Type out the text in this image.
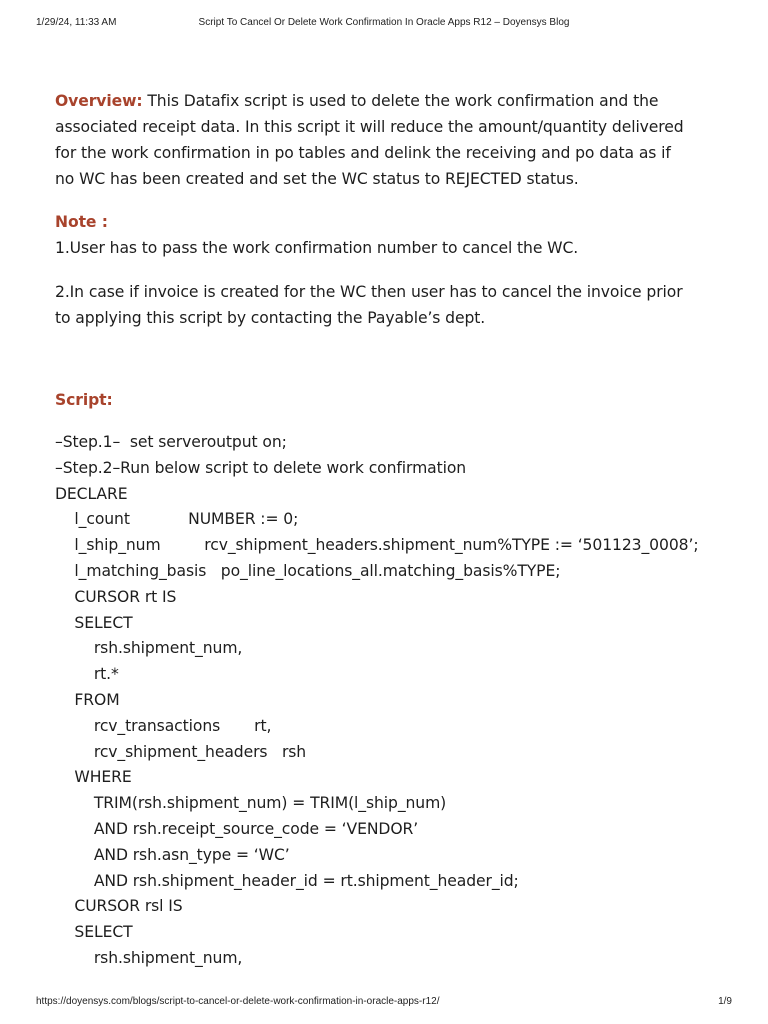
1/29/24, 11:33 AM	Script To Cancel Or Delete Work Confirmation In Oracle Apps R12 – Doyensys Blog

Overview: This Datafix script is used to delete the work confirmation and the
associated receipt data. In this script it will reduce the amount/quantity delivered
for the work confirmation in po tables and delink the receiving and po data as if
no WC has been created and set the WC status to REJECTED status.

Note :

1.User has to pass the work confirmation number to cancel the WC.

2.In case if invoice is created for the WC then user has to cancel the invoice prior
to applying this script by contacting the Payable’s dept.

Script:

–Step.1–  set serveroutput on;
–Step.2–Run below script to delete work confirmation
DECLARE
l_count            NUMBER := 0;
l_ship_num         rcv_shipment_headers.shipment_num%TYPE := ‘501123_0008’;
l_matching_basis   po_line_locations_all.matching_basis%TYPE;
CURSOR rt IS
SELECT
rsh.shipment_num,
rt.*
FROM
rcv_transactions       rt,
rcv_shipment_headers   rsh
WHERE
TRIM(rsh.shipment_num) = TRIM(l_ship_num)
AND rsh.receipt_source_code = ‘VENDOR’
AND rsh.asn_type = ‘WC’
AND rsh.shipment_header_id = rt.shipment_header_id;
CURSOR rsl IS
SELECT
rsh.shipment_num,
https://doyensys.com/blogs/script-to-cancel-or-delete-work-confirmation-in-oracle-apps-r12/	1/9
